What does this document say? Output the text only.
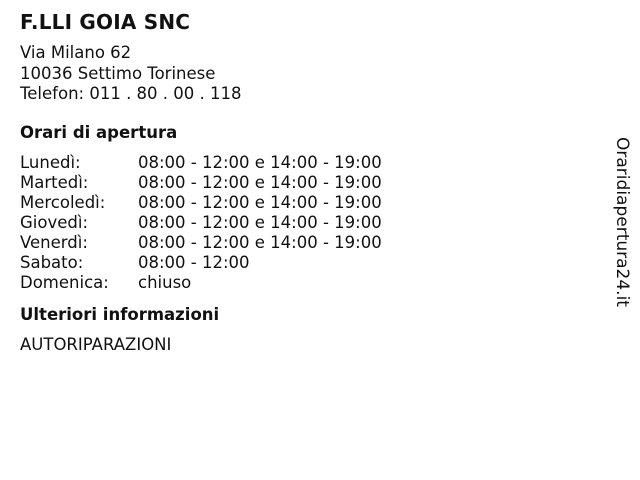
F.LLI GOIA SNC
Via Milano 62
10036 Settimo Torinese
Telefon: 011 . 80 . 00 . 118
Orari di apertura
Lunedì:	08:00 - 12:00 e 14:00 - 19:00
Martedì:	08:00 - 12:00 e 14:00 - 19:00
Mercoledì:	08:00 - 12:00 e 14:00 - 19:00
Giovedì:	08:00 - 12:00 e 14:00 - 19:00
Venerdì:	08:00 - 12:00 e 14:00 - 19:00
Sabato:	08:00 - 12:00
Domenica:	chiuso
Ulteriori informazioni
AUTORIPARAZIONI
Oraridiapertura24.it
